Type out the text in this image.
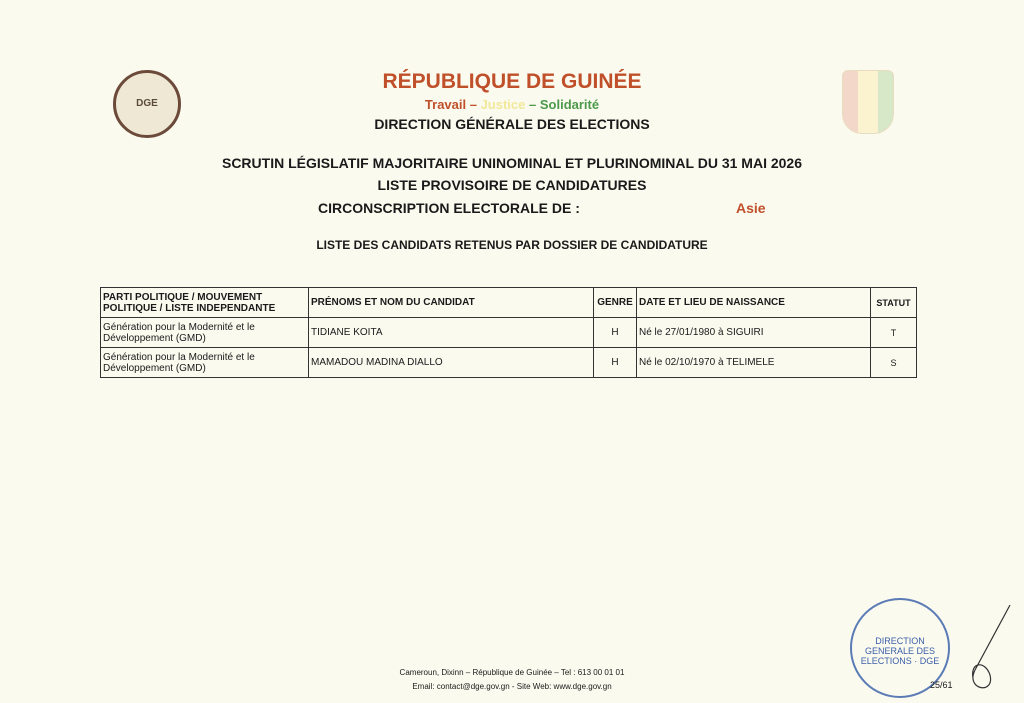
DGE
RÉPUBLIQUE DE GUINÉE
Travail – Justice – Solidarité
DIRECTION GÉNÉRALE DES ELECTIONS
SCRUTIN LÉGISLATIF MAJORITAIRE UNINOMINAL ET PLURINOMINAL DU 31 MAI 2026
LISTE PROVISOIRE DE CANDIDATURES
CIRCONSCRIPTION ELECTORALE DE :	Asie
LISTE DES CANDIDATS RETENUS PAR DOSSIER DE CANDIDATURE
PARTI POLITIQUE / MOUVEMENT POLITIQUE / LISTE INDEPENDANTE	PRÉNOMS ET NOM DU CANDIDAT	GENRE	DATE ET LIEU DE NAISSANCE	STATUT
Génération pour la Modernité et le Développement (GMD)	TIDIANE KOITA	H	Né le 27/01/1980 à SIGUIRI	T
Génération pour la Modernité et le Développement (GMD)	MAMADOU MADINA DIALLO	H	Né le 02/10/1970 à TELIMELE	S
Cameroun, Dixinn – République de Guinée – Tel : 613 00 01 01
Email: contact@dge.gov.gn - Site Web: www.dge.gov.gn
DIRECTION GENERALE DES ELECTIONS · DGE
25/61
